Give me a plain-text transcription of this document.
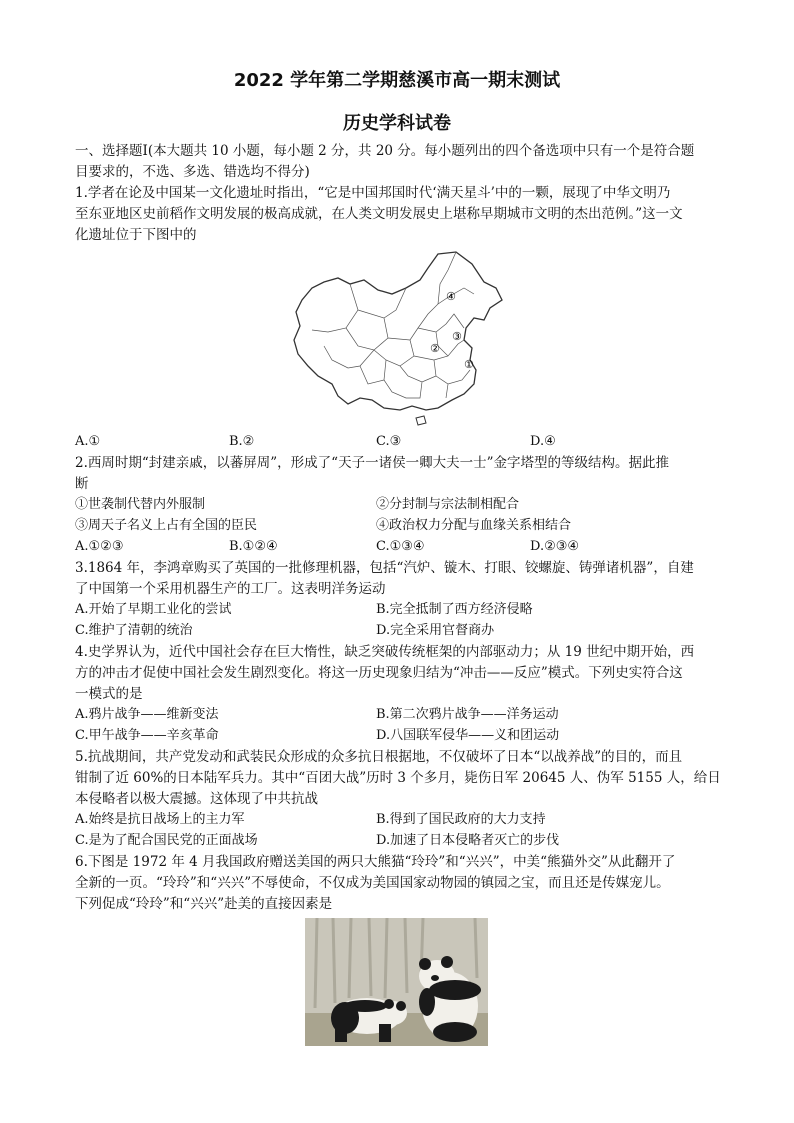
2022 学年第二学期慈溪市高一期末测试
历史学科试卷
一、选择题Ⅰ(本大题共 10 小题，每小题 2 分，共 20 分。每小题列出的四个备选项中只有一个是符合题
目要求的，不选、多选、错选均不得分)
1.学者在论及中国某一文化遗址时指出，“它是中国邦国时代‘满天星斗’中的一颗，展现了中华文明乃
至东亚地区史前稻作文明发展的极高成就，在人类文明发展史上堪称早期城市文明的杰出范例。”这一文
化遗址位于下图中的
④
②
③
①
A.①	B.②	C.③	D.④
2.西周时期“封建亲戚，以蕃屏周”，形成了“天子一诸侯一卿大夫一士”金字塔型的等级结构。据此推
断
①世袭制代替内外服制	②分封制与宗法制相配合
③周天子名义上占有全国的臣民	④政治权力分配与血缘关系相结合
A.①②③	B.①②④	C.①③④	D.②③④
3.1864 年，李鸿章购买了英国的一批修理机器，包括“汽炉、镟木、打眼、铰螺旋、铸弹诸机器”，自建
了中国第一个采用机器生产的工厂。这表明洋务运动
A.开始了早期工业化的尝试	B.完全抵制了西方经济侵略
C.维护了清朝的统治	D.完全采用官督商办
4.史学界认为，近代中国社会存在巨大惰性，缺乏突破传统框架的内部驱动力；从 19 世纪中期开始，西
方的冲击才促使中国社会发生剧烈变化。将这一历史现象归结为“冲击——反应”模式。下列史实符合这
一模式的是
A.鸦片战争——维新变法	B.第二次鸦片战争——洋务运动
C.甲午战争——辛亥革命	D.八国联军侵华——义和团运动
5.抗战期间，共产党发动和武装民众形成的众多抗日根据地，不仅破坏了日本“以战养战”的目的，而且
钳制了近 60%的日本陆军兵力。其中“百团大战”历时 3 个多月，毙伤日军 20645 人、伪军 5155 人，给日
本侵略者以极大震撼。这体现了中共抗战
A.始终是抗日战场上的主力军	B.得到了国民政府的大力支持
C.是为了配合国民党的正面战场	D.加速了日本侵略者灭亡的步伐
6.下图是 1972 年 4 月我国政府赠送美国的两只大熊猫“玲玲”和“兴兴”，中美“熊猫外交”从此翻开了
全新的一页。“玲玲”和“兴兴”不辱使命，不仅成为美国国家动物园的镇园之宝，而且还是传媒宠儿。
下列促成“玲玲”和“兴兴”赴美的直接因素是
